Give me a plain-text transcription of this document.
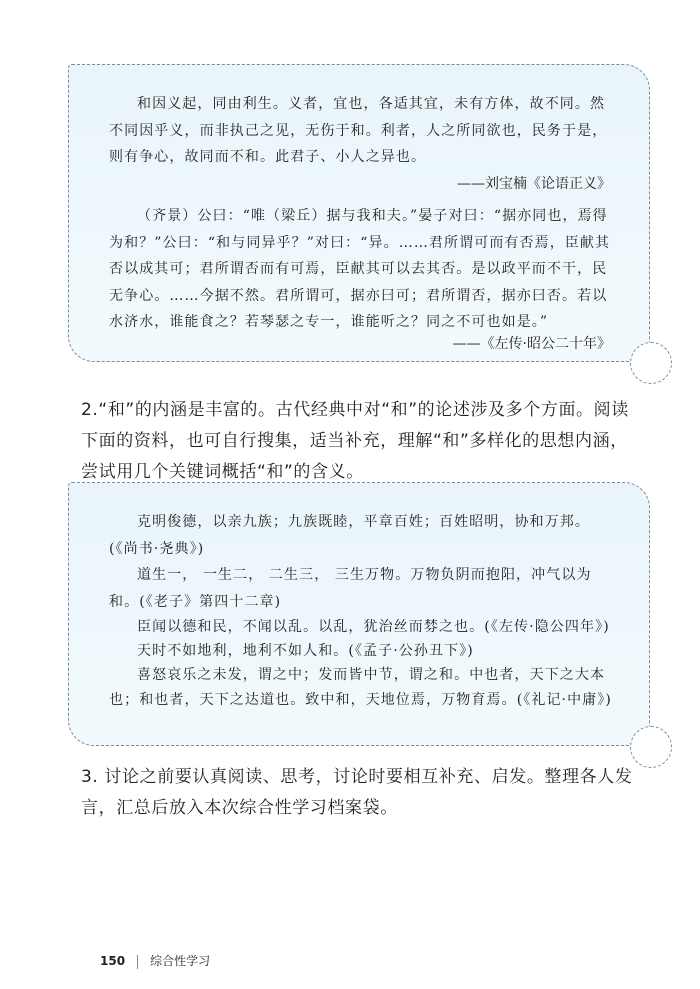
和因义起，同由利生。义者，宜也，各适其宜，未有方体，故不同。然不同因乎义，而非执己之见，无伤于和。利者，人之所同欲也，民务于是，则有争心，故同而不和。此君子、小人之异也。
——刘宝楠《论语正义》
（齐景）公曰：“唯（梁丘）据与我和夫。”晏子对曰：“据亦同也，焉得为和？”公曰：“和与同异乎？”对曰：“异。……君所谓可而有否焉，臣献其否以成其可；君所谓否而有可焉，臣献其可以去其否。是以政平而不干，民无争心。……今据不然。君所谓可，据亦曰可；君所谓否，据亦曰否。若以水济水，谁能食之？若琴瑟之专一，谁能听之？同之不可也如是。”
——《左传·昭公二十年》
2.“和”的内涵是丰富的。古代经典中对“和”的论述涉及多个方面。阅读下面的资料，也可自行搜集，适当补充，理解“和”多样化的思想内涵，尝试用几个关键词概括“和”的含义。
克明俊德，以亲九族；九族既睦，平章百姓；百姓昭明，协和万邦。(《尚书·尧典》)
道生一， 一生二， 二生三， 三生万物。万物负阴而抱阳，冲气以为和。(《老子》第四十二章)
臣闻以德和民，不闻以乱。以乱，犹治丝而棼之也。(《左传·隐公四年》)
天时不如地利，地利不如人和。(《孟子·公孙丑下》)
喜怒哀乐之未发，谓之中；发而皆中节，谓之和。中也者，天下之大本也；和也者，天下之达道也。致中和，天地位焉，万物育焉。(《礼记·中庸》)
3. 讨论之前要认真阅读、思考，讨论时要相互补充、启发。整理各人发言，汇总后放入本次综合性学习档案袋。
150 综合性学习
